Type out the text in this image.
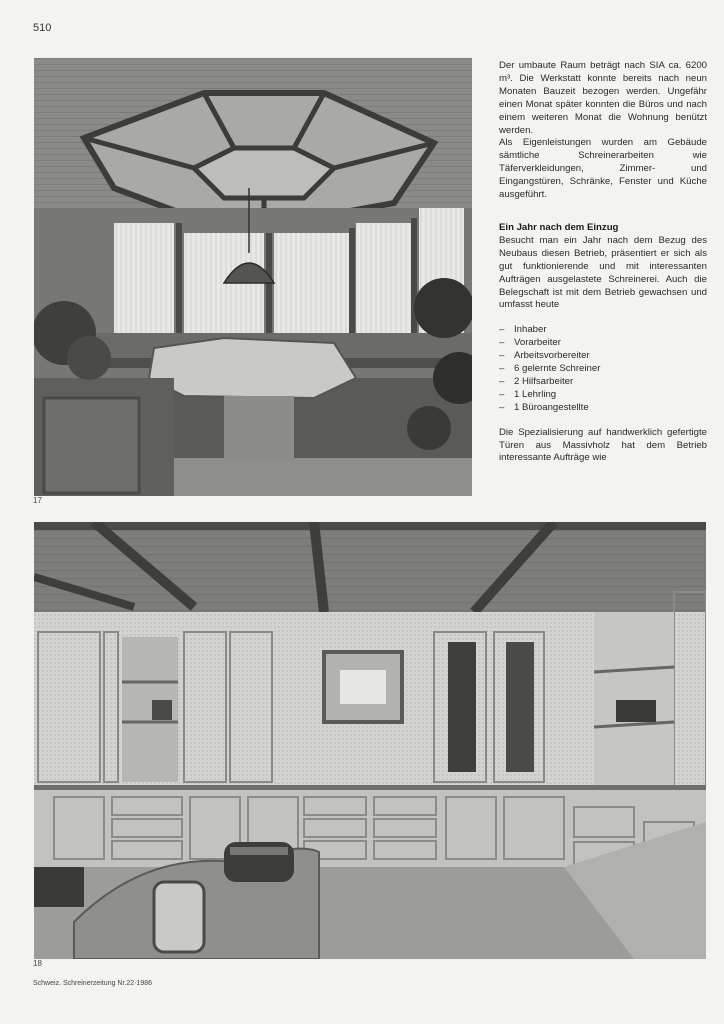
510
17

Der umbaute Raum beträgt nach SIA ca. 6200 m³. Die Werkstatt konnte bereits nach neun Monaten Bauzeit bezogen werden. Ungefähr einen Monat später konnten die Büros und nach einem weiteren Monat die Wohnung benützt werden.

Als Eigenleistungen wurden am Gebäude sämtliche Schreinerarbeiten wie Täferverkleidungen, Zimmer- und Eingangstüren, Schränke, Fenster und Küche ausgeführt.

Ein Jahr nach dem Einzug

Besucht man ein Jahr nach dem Bezug des Neubaus diesen Betrieb, präsentiert er sich als gut funktionierende und mit interessanten Aufträgen ausgelastete Schreinerei. Auch die Belegschaft ist mit dem Betrieb gewachsen und umfasst heute

– Inhaber
– Vorarbeiter
– Arbeitsvorbereiter
– 6 gelernte Schreiner
– 2 Hilfsarbeiter
– 1 Lehrling
– 1 Büroangestellte

Die Spezialisierung auf handwerklich gefertigte Türen aus Massivholz hat dem Betrieb interessante Aufträge wie

18
Schweiz. Schreinerzeitung Nr.22·1986
